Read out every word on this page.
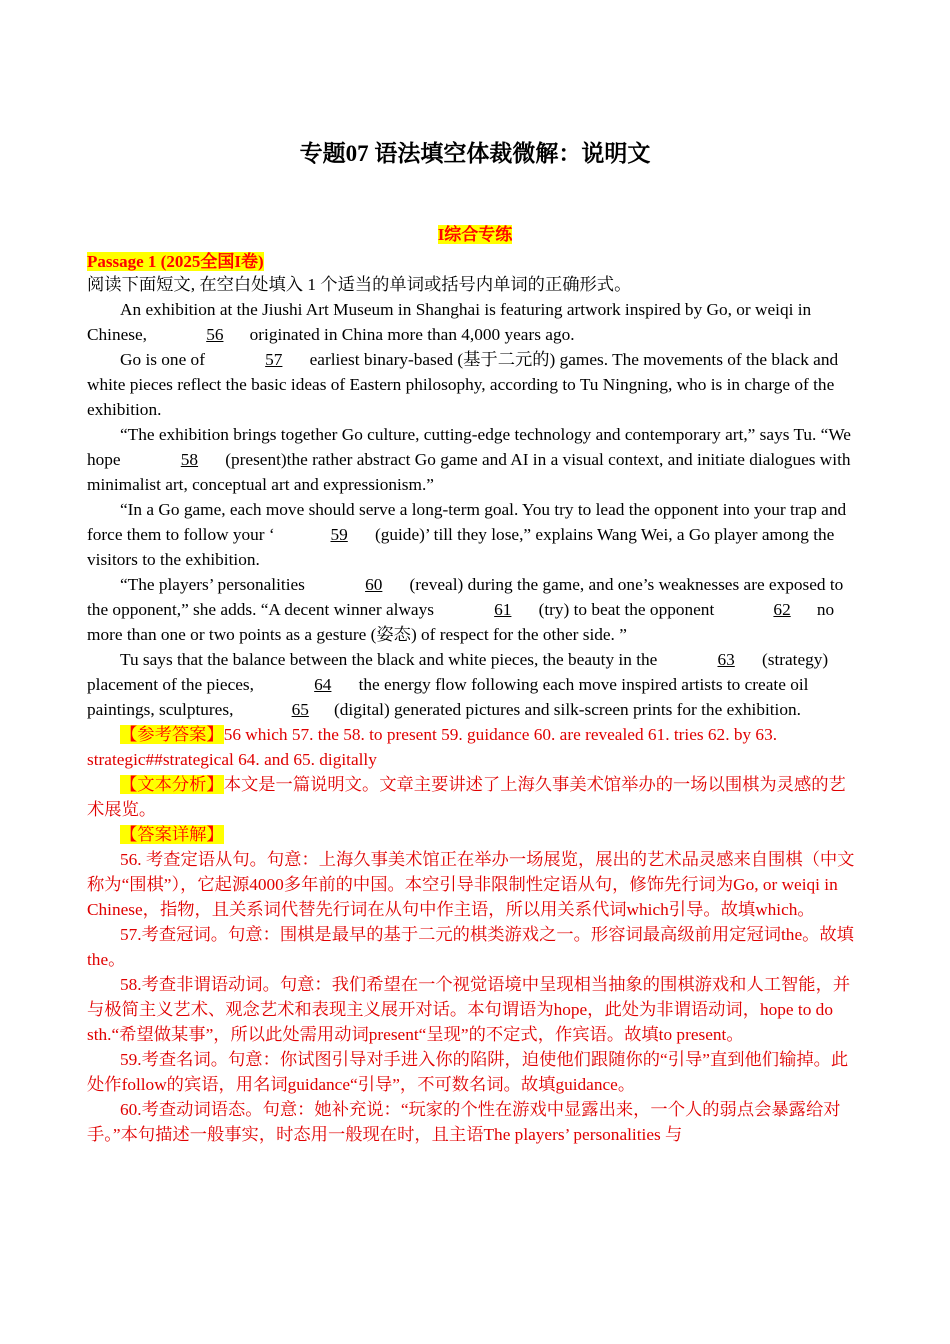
专题07 语法填空体裁微解：说明文
I综合专练
Passage 1 (2025全国I卷)

阅读下面短文, 在空白处填入 1 个适当的单词或括号内单词的正确形式。

An exhibition at the Jiushi Art Museum in Shanghai is featuring artwork inspired by Go, or weiqi in Chinese,	56 originated in China more than 4,000 years ago.

Go is one of	57 earliest binary-based (基于二元的) games. The movements of the black and white pieces reflect the basic ideas of Eastern philosophy, according to Tu Ningning, who is in charge of the exhibition.

“The exhibition brings together Go culture, cutting-edge technology and contemporary art,” says Tu. “We hope	58 (present)the rather abstract Go game and AI in a visual context, and initiate dialogues with minimalist art, conceptual art and expressionism.”

“In a Go game, each move should serve a long-term goal. You try to lead the opponent into your trap and force them to follow your ‘	59 (guide)’ till they lose,” explains Wang Wei, a Go player among the visitors to the exhibition.

“The players’ personalities	60 (reveal) during the game, and one’s weaknesses are exposed to the opponent,” she adds. “A decent winner always	61 (try) to beat the opponent	62 no more than one or two points as a gesture (姿态) of respect for the other side. ”

Tu says that the balance between the black and white pieces, the beauty in the	63 (strategy) placement of the pieces,	64 the energy flow following each move inspired artists to create oil paintings, sculptures,	65 (digital) generated pictures and silk-screen prints for the exhibition.

【参考答案】56 which 57. the 58. to present 59. guidance 60. are revealed 61. tries 62. by 63. strategic##strategical 64. and 65. digitally

【文本分析】本文是一篇说明文。文章主要讲述了上海久事美术馆举办的一场以围棋为灵感的艺术展览。

【答案详解】

56. 考查定语从句。句意：上海久事美术馆正在举办一场展览，展出的艺术品灵感来自围棋（中文称为“围棋”），它起源4000多年前的中国。本空引导非限制性定语从句，修饰先行词为Go, or weiqi in Chinese，指物，且关系词代替先行词在从句中作主语，所以用关系代词which引导。故填which。

57.考查冠词。句意：围棋是最早的基于二元的棋类游戏之一。形容词最高级前用定冠词the。故填the。

58.考查非谓语动词。句意：我们希望在一个视觉语境中呈现相当抽象的围棋游戏和人工智能，并与极简主义艺术、观念艺术和表现主义展开对话。本句谓语为hope，此处为非谓语动词，hope to do sth.“希望做某事”，所以此处需用动词present“呈现”的不定式，作宾语。故填to present。

59.考查名词。句意：你试图引导对手进入你的陷阱，迫使他们跟随你的“引导”直到他们输掉。此处作follow的宾语，用名词guidance“引导”，不可数名词。故填guidance。

60.考查动词语态。句意：她补充说：“玩家的个性在游戏中显露出来，一个人的弱点会暴露给对手。”本句描述一般事实，时态用一般现在时，且主语The players’ personalities 与
